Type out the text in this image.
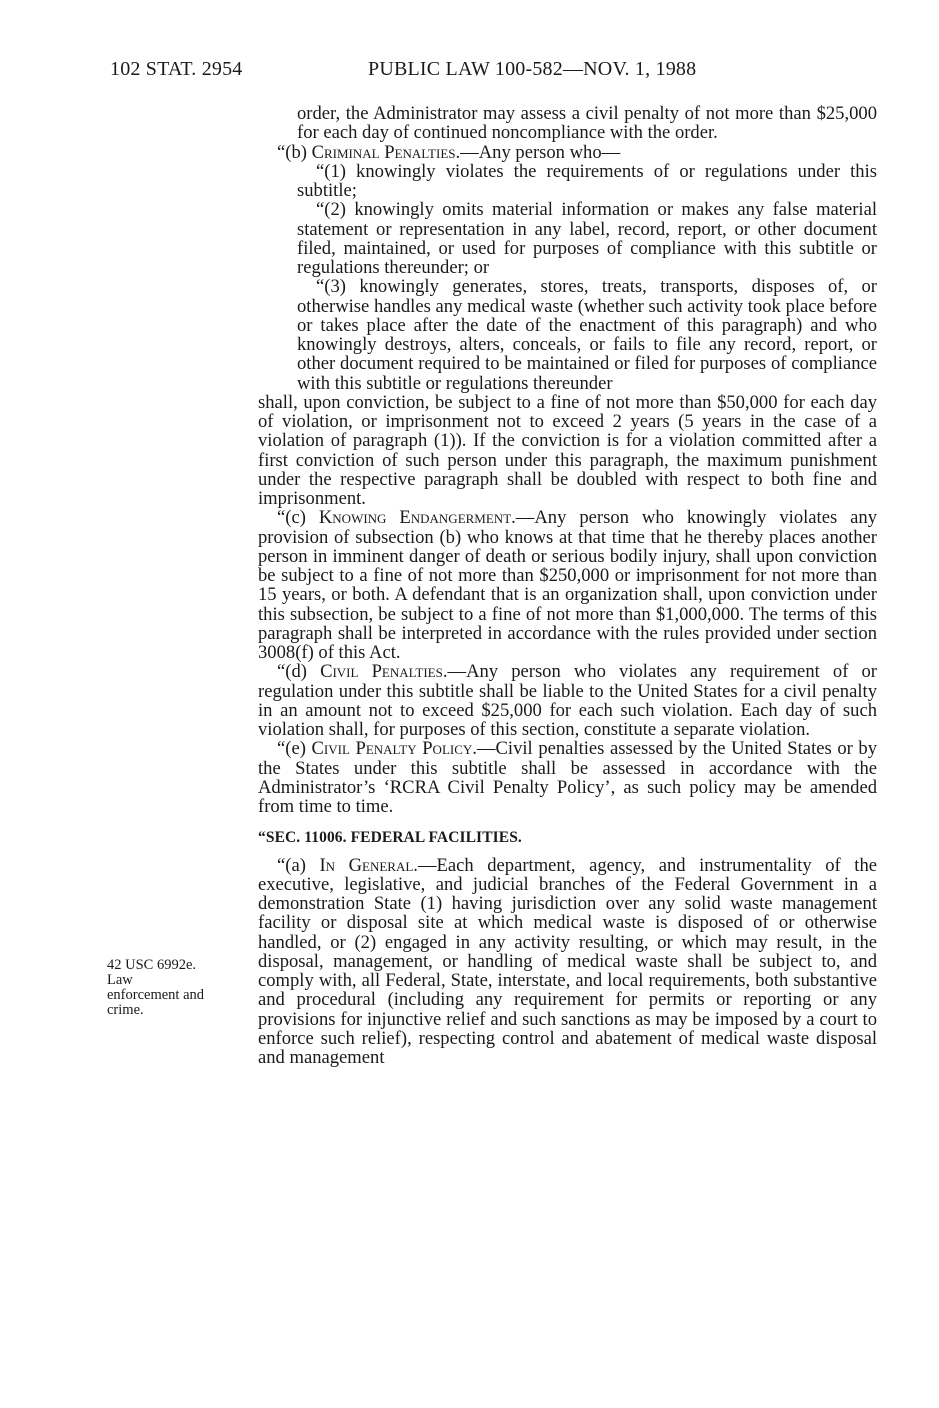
102 STAT. 2954	PUBLIC LAW 100-582—NOV. 1, 1988
42 USC 6992e.
Law
enforcement and
crime.

order, the Administrator may assess a civil penalty of not more than $25,000 for each day of continued noncompliance with the order.

“(b) Criminal Penalties.—Any person who—

“(1) knowingly violates the requirements of or regulations under this subtitle;

“(2) knowingly omits material information or makes any false material statement or representation in any label, record, report, or other document filed, maintained, or used for purposes of compliance with this subtitle or regulations thereunder; or

“(3) knowingly generates, stores, treats, transports, disposes of, or otherwise handles any medical waste (whether such activity took place before or takes place after the date of the enactment of this paragraph) and who knowingly destroys, alters, conceals, or fails to file any record, report, or other document required to be maintained or filed for purposes of compliance with this subtitle or regulations thereunder

shall, upon conviction, be subject to a fine of not more than $50,000 for each day of violation, or imprisonment not to exceed 2 years (5 years in the case of a violation of paragraph (1)). If the conviction is for a violation committed after a first conviction of such person under this paragraph, the maximum punishment under the respective paragraph shall be doubled with respect to both fine and imprisonment.

“(c) Knowing Endangerment.—Any person who knowingly violates any provision of subsection (b) who knows at that time that he thereby places another person in imminent danger of death or serious bodily injury, shall upon conviction be subject to a fine of not more than $250,000 or imprisonment for not more than 15 years, or both. A defendant that is an organization shall, upon conviction under this subsection, be subject to a fine of not more than $1,000,000. The terms of this paragraph shall be interpreted in accordance with the rules provided under section 3008(f) of this Act.

“(d) Civil Penalties.—Any person who violates any requirement of or regulation under this subtitle shall be liable to the United States for a civil penalty in an amount not to exceed $25,000 for each such violation. Each day of such violation shall, for purposes of this section, constitute a separate violation.

“(e) Civil Penalty Policy.—Civil penalties assessed by the United States or by the States under this subtitle shall be assessed in accordance with the Administrator’s ‘RCRA Civil Penalty Policy’, as such policy may be amended from time to time.

“SEC. 11006. FEDERAL FACILITIES.

“(a) In General.—Each department, agency, and instrumentality of the executive, legislative, and judicial branches of the Federal Government in a demonstration State (1) having jurisdiction over any solid waste management facility or disposal site at which medical waste is disposed of or otherwise handled, or (2) engaged in any activity resulting, or which may result, in the disposal, management, or handling of medical waste shall be subject to, and comply with, all Federal, State, interstate, and local requirements, both substantive and procedural (including any requirement for permits or reporting or any provisions for injunctive relief and such sanctions as may be imposed by a court to enforce such relief), respecting control and abatement of medical waste disposal and management
